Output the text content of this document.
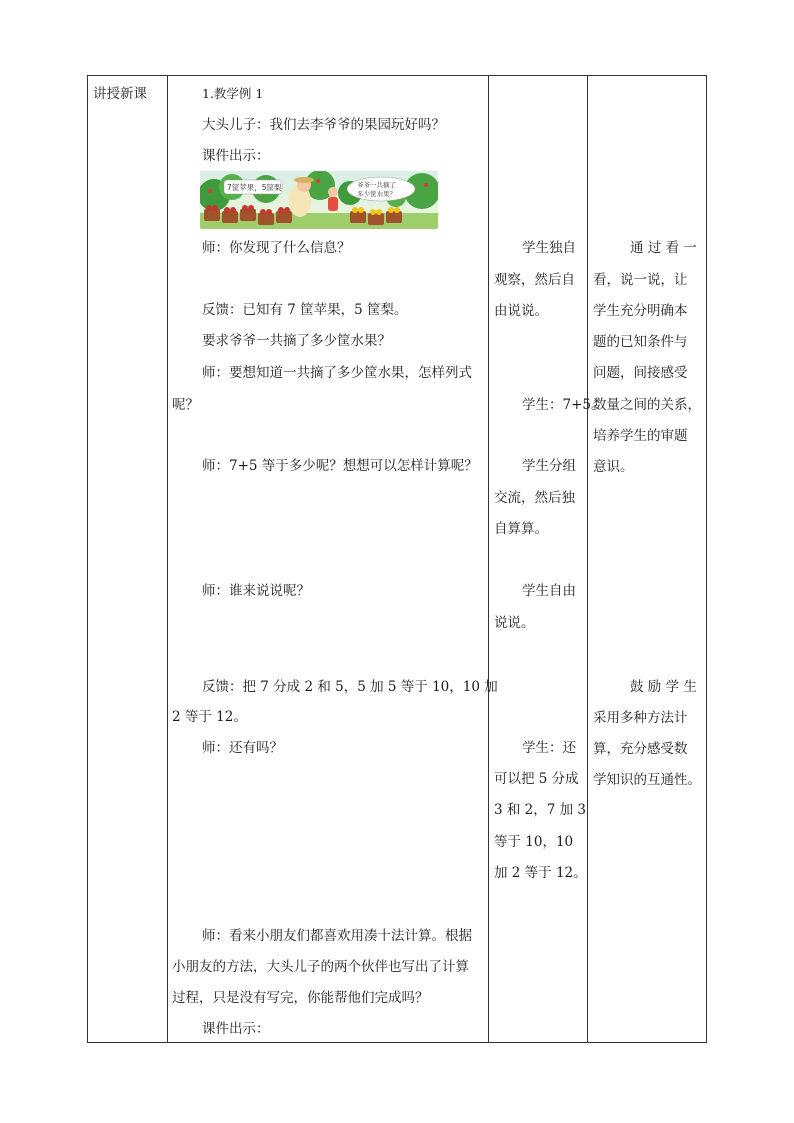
讲授新课	1.教学例 1
大头儿子：我们去李爷爷的果园玩好吗？
课件出示：
7筐苹果，5筐梨	爷爷一共摘了
多少筐水果？
师：你发现了什么信息？
反馈：已知有 7 筐苹果，5 筐梨。
要求爷爷一共摘了多少筐水果？
师：要想知道一共摘了多少筐水果，怎样列式
呢？
师：7+5 等于多少呢？想想可以怎样计算呢？
师：谁来说说呢？
反馈：把 7 分成 2 和 5，5 加 5 等于 10，10 加
2 等于 12。
师：还有吗？
师：看来小朋友们都喜欢用凑十法计算。根据
小朋友的方法，大头儿子的两个伙伴也写出了计算
过程，只是没有写完，你能帮他们完成吗？
课件出示：
学生独自
观察，然后自
由说说。
学生：7+5。
学生分组
交流，然后独
自算算。
学生自由
说说。
学生：还
可以把 5 分成
3 和 2，7 加 3
等于 10，10
加 2 等于 12。
通 过 看 一
看，说一说，让
学生充分明确本
题的已知条件与
问题，间接感受
数量之间的关系，
培养学生的审题
意识。
鼓 励 学 生
采用多种方法计
算，充分感受数
学知识的互通性。
